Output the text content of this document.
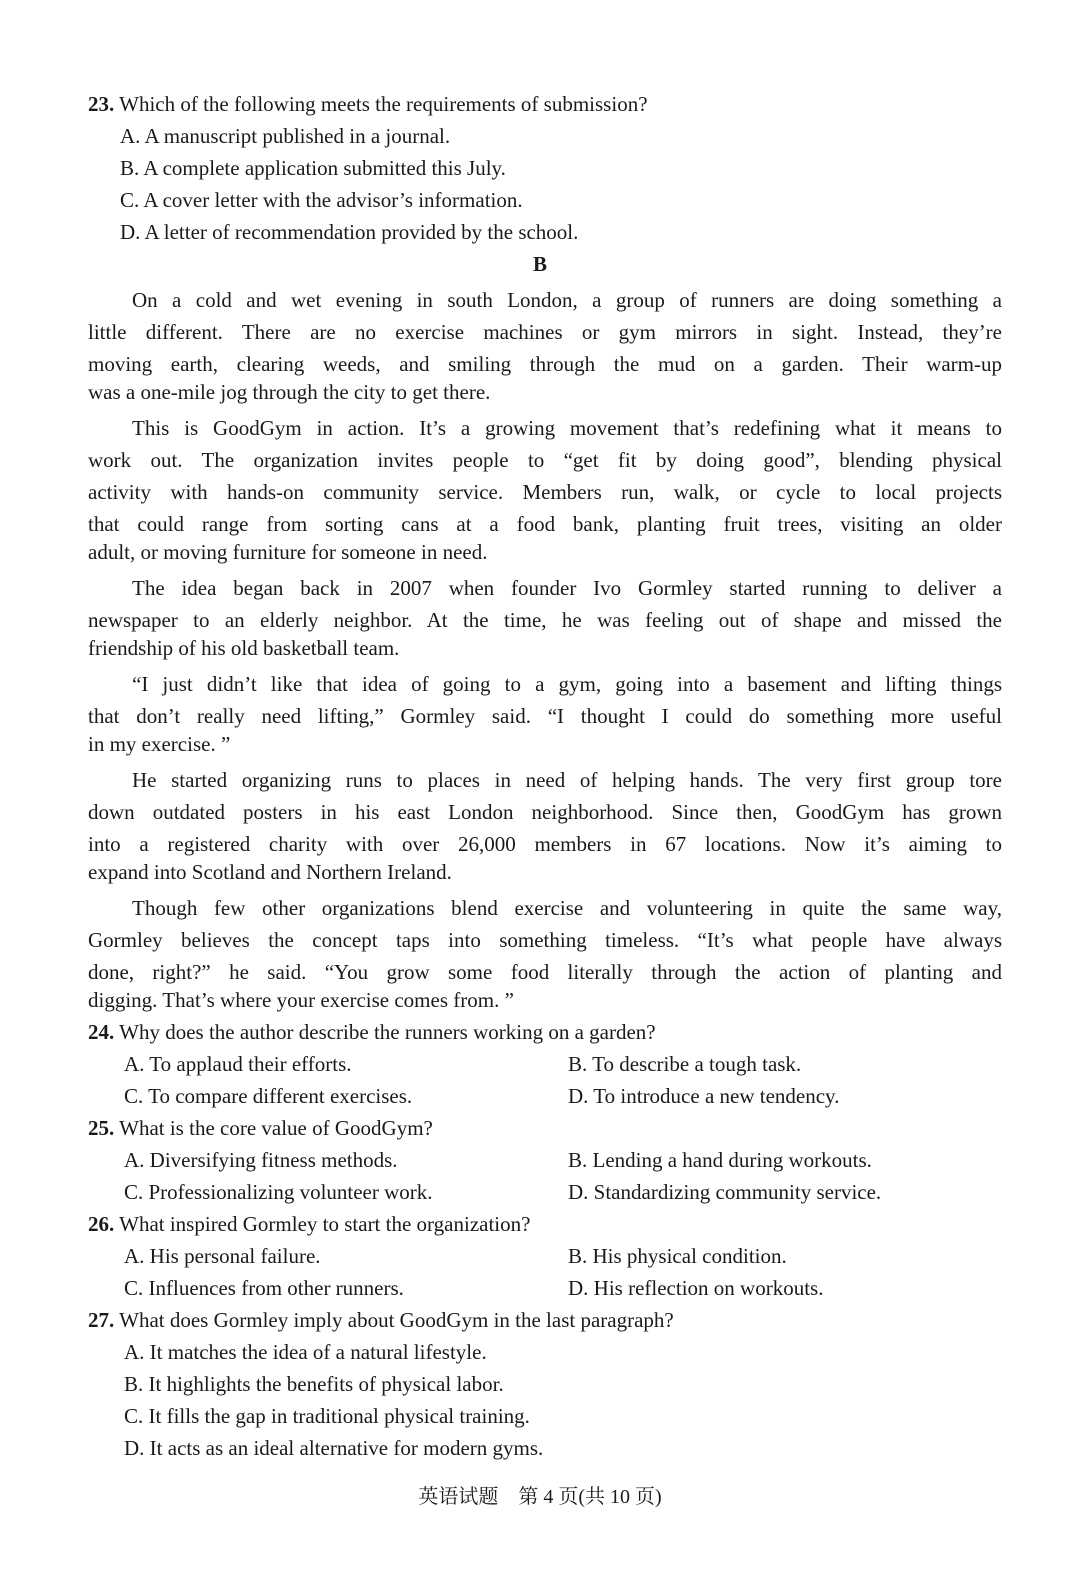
23. Which of the following meets the requirements of submission?
A. A manuscript published in a journal.
B. A complete application submitted this July.
C. A cover letter with the advisor’s information.
D. A letter of recommendation provided by the school.
B
On a cold and wet evening in south London, a group of runners are doing something a
little different. There are no exercise machines or gym mirrors in sight. Instead, they’re
moving earth, clearing weeds, and smiling through the mud on a garden. Their warm-up
was a one-mile jog through the city to get there.
This is GoodGym in action. It’s a growing movement that’s redefining what it means to
work out. The organization invites people to “get fit by doing good”, blending physical
activity with hands-on community service. Members run, walk, or cycle to local projects
that could range from sorting cans at a food bank, planting fruit trees, visiting an older
adult, or moving furniture for someone in need.
The idea began back in 2007 when founder Ivo Gormley started running to deliver a
newspaper to an elderly neighbor. At the time, he was feeling out of shape and missed the
friendship of his old basketball team.
“I just didn’t like that idea of going to a gym, going into a basement and lifting things
that don’t really need lifting,” Gormley said. “I thought I could do something more useful
in my exercise. ”
He started organizing runs to places in need of helping hands. The very first group tore
down outdated posters in his east London neighborhood. Since then, GoodGym has grown
into a registered charity with over 26,000 members in 67 locations. Now it’s aiming to
expand into Scotland and Northern Ireland.
Though few other organizations blend exercise and volunteering in quite the same way,
Gormley believes the concept taps into something timeless. “It’s what people have always
done, right?” he said. “You grow some food literally through the action of planting and
digging. That’s where your exercise comes from. ”
24. Why does the author describe the runners working on a garden?
A. To applaud their efforts.	B. To describe a tough task.
C. To compare different exercises.	D. To introduce a new tendency.
25. What is the core value of GoodGym?
A. Diversifying fitness methods.	B. Lending a hand during workouts.
C. Professionalizing volunteer work.	D. Standardizing community service.
26. What inspired Gormley to start the organization?
A. His personal failure.	B. His physical condition.
C. Influences from other runners.	D. His reflection on workouts.
27. What does Gormley imply about GoodGym in the last paragraph?
A. It matches the idea of a natural lifestyle.
B. It highlights the benefits of physical labor.
C. It fills the gap in traditional physical training.
D. It acts as an ideal alternative for modern gyms.
英语试题　第 4 页(共 10 页)
